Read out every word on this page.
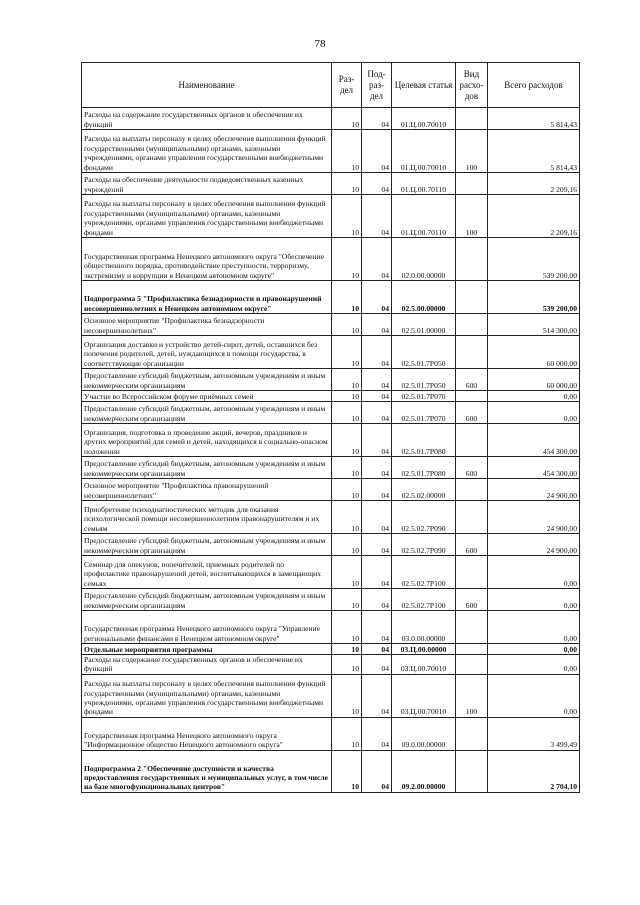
78
Наименование	Раз-дел	Под-раз-дел	Целевая статья	Вид расхо-дов	Всего расходов
Расходы на содержание государственных органов и обеспечение их функций	10	04	01.Ц.00.70010		5 814,43
Расходы на выплаты персоналу в целях обеспечения выполнения функций государственными (муниципальными) органами, казенными учреждениями, органами управления государственными внебюджетными фондами	10	04	01.Ц.00.70010	100	5 814,43
Расходы на обеспечение деятельности подведомственных казенных учреждений	10	04	01.Ц.00.70110		2 209,16
Расходы на выплаты персоналу в целях обеспечения выполнения функций государственными (муниципальными) органами, казенными учреждениями, органами управления государственными внебюджетными фондами	10	04	01.Ц.00.70110	100	2 209,16
Государственная программа Ненецкого автономного округа "Обеспечение общественного порядка, противодействие преступности, терроризму, экстремизму и коррупции в Ненецком автономном округе"	10	04	02.0.00.00000		539 200,00
Подпрограмма 5 "Профилактика безнадзорности и правонарушений несовершеннолетних в Ненецком автономном округе"	10	04	02.5.00.00000		539 200,00
Основное мероприятие "Профилактика безнадзорности несовершеннолетних"	10	04	02.5.01.00000		514 300,00
Организация доставки и устройство детей-сирот, детей, оставшихся без попечения родителей, детей, нуждающихся в помощи государства, в соответствующие организации	10	04	02.5.01.7Р050		60 000,00
Предоставление субсидий бюджетным, автономным учреждениям и иным некоммерческим организациям	10	04	02.5.01.7Р050	600	60 000,00
Участие во Всероссийском форуме приёмных семей	10	04	02.5.01.7Р070		0,00
Предоставление субсидий бюджетным, автономным учреждениям и иным некоммерческим организациям	10	04	02.5.01.7Р070	600	0,00
Организация, подготовка и проведение акций, вечеров, праздников и других мероприятий для семей и детей, находящихся в социально-опасном положении	10	04	02.5.01.7Р080		454 300,00
Предоставление субсидий бюджетным, автономным учреждениям и иным некоммерческим организациям	10	04	02.5.01.7Р080	600	454 300,00
Основное мероприятие "Профилактика правонарушений несовершеннолетних"	10	04	02.5.02.00000		24 900,00
Приобретение психодиагностических методик для оказания психологической помощи несовершеннолетним правонарушителям и их семьям	10	04	02.5.02.7Р090		24 900,00
Предоставление субсидий бюджетным, автономным учреждениям и иным некоммерческим организациям	10	04	02.5.02.7Р090	600	24 900,00
Семинар для опекунов, попечителей, приемных родителей по профилактике правонарушений детей, воспитывающихся в замещающих семьях	10	04	02.5.02.7Р100		0,00
Предоставление субсидий бюджетным, автономным учреждениям и иным некоммерческим организациям	10	04	02.5.02.7Р100	600	0,00
Государственная программа Ненецкого автономного округа "Управление региональными финансами в Ненецком автономном округе"	10	04	03.0.00.00000		0,00
Отдельные мероприятия программы	10	04	03.Ц.00.00000		0,00
Расходы на содержание государственных органов и обеспечение их функций	10	04	03.Ц.00.70010		0,00
Расходы на выплаты персоналу в целях обеспечения выполнения функций государственными (муниципальными) органами, казенными учреждениями, органами управления государственными внебюджетными фондами	10	04	03.Ц.00.70010	100	0,00
Государственная программа Ненецкого автономного округа "Информационное общество Ненецкого автономного округа"	10	04	09.0.00.00000		3 499,49
Подпрограмма 2 "Обеспечение доступности и качества предоставления государственных и муниципальных услуг, в том числе на базе многофункциональных центров"	10	04	09.2.00.00000		2 704,10
